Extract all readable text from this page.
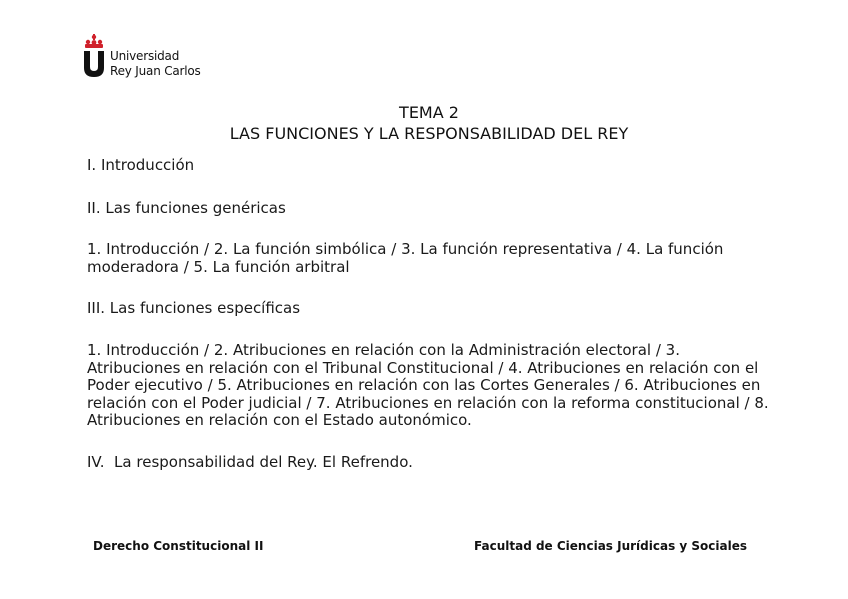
Universidad
Rey Juan Carlos
TEMA 2
LAS FUNCIONES Y LA RESPONSABILIDAD DEL REY

I. Introducción

II. Las funciones genéricas

1. Introducción / 2. La función simbólica / 3. La función representativa / 4. La función moderadora / 5. La función arbitral

III. Las funciones específicas

1. Introducción / 2. Atribuciones en relación con la Administración electoral / 3. Atribuciones en relación con el Tribunal Constitucional / 4. Atribuciones en relación con el Poder ejecutivo / 5. Atribuciones en relación con las Cortes Generales / 6. Atribuciones en relación con el Poder judicial / 7. Atribuciones en relación con la reforma constitucional / 8. Atribuciones en relación con el Estado autonómico.

IV.  La responsabilidad del Rey. El Refrendo.

Derecho Constitucional II	Facultad de Ciencias Jurídicas y Sociales
